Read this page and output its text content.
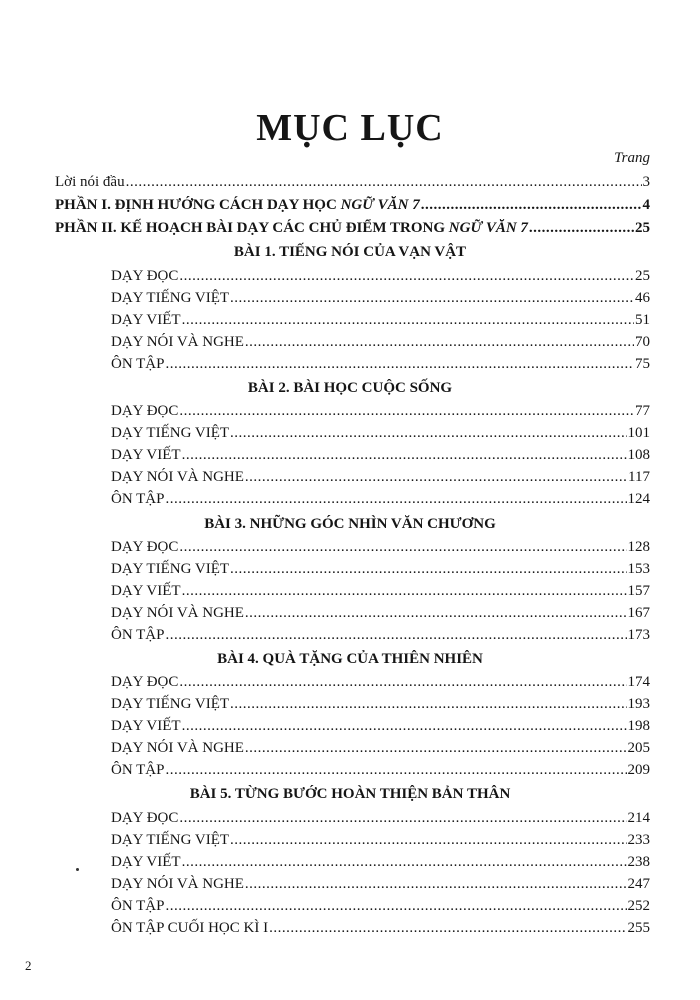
MỤC LỤC
Trang
Lời nói đầu .....	3
PHẦN I. ĐỊNH HƯỚNG CÁCH DẠY HỌC NGỮ VĂN 7 .....	4
PHẦN II. KẾ HOẠCH BÀI DẠY CÁC CHỦ ĐIỂM TRONG NGỮ VĂN 7 .....	25
BÀI 1. TIẾNG NÓI CỦA VẠN VẬT
DẠY ĐỌC .....	25
DẠY TIẾNG VIỆT .....	46
DẠY VIẾT .....	51
DẠY NÓI VÀ NGHE .....	70
ÔN TẬP .....	75
BÀI 2. BÀI HỌC CUỘC SỐNG
DẠY ĐỌC .....	77
DẠY TIẾNG VIỆT .....	101
DẠY VIẾT .....	108
DẠY NÓI VÀ NGHE .....	117
ÔN TẬP .....	124
BÀI 3. NHỮNG GÓC NHÌN VĂN CHƯƠNG
DẠY ĐỌC .....	128
DẠY TIẾNG VIỆT .....	153
DẠY VIẾT .....	157
DẠY NÓI VÀ NGHE .....	167
ÔN TẬP .....	173
BÀI 4. QUÀ TẶNG CỦA THIÊN NHIÊN
DẠY ĐỌC .....	174
DẠY TIẾNG VIỆT .....	193
DẠY VIẾT .....	198
DẠY NÓI VÀ NGHE .....	205
ÔN TẬP .....	209
BÀI 5. TỪNG BƯỚC HOÀN THIỆN BẢN THÂN
DẠY ĐỌC .....	214
DẠY TIẾNG VIỆT .....	233
DẠY VIẾT .....	238
DẠY NÓI VÀ NGHE .....	247
ÔN TẬP .....	252
ÔN TẬP CUỐI HỌC KÌ I .....	255
2
